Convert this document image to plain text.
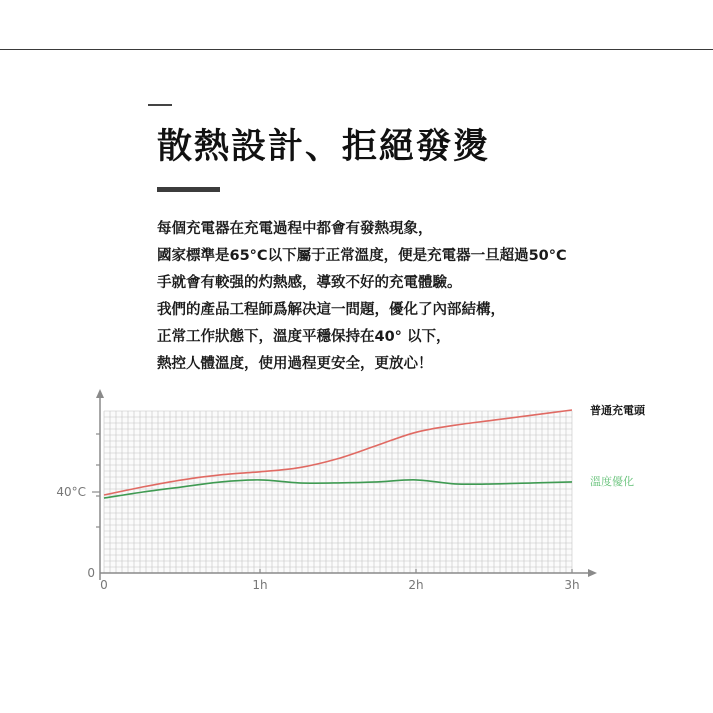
散熱設計、拒絕發燙
每個充電器在充電過程中都會有發熱現象，
國家標準是65°C以下屬于正常溫度，便是充電器一旦超過50°C
手就會有較强的灼熱感，導致不好的充電體驗。
我們的產品工程師爲解决這一問題，優化了內部結構，
正常工作狀態下，溫度平穩保持在40° 以下，
熱控人體溫度，使用過程更安全，更放心！
0	1h	2h	3h
0
40°C
普通充電頭
溫度優化
